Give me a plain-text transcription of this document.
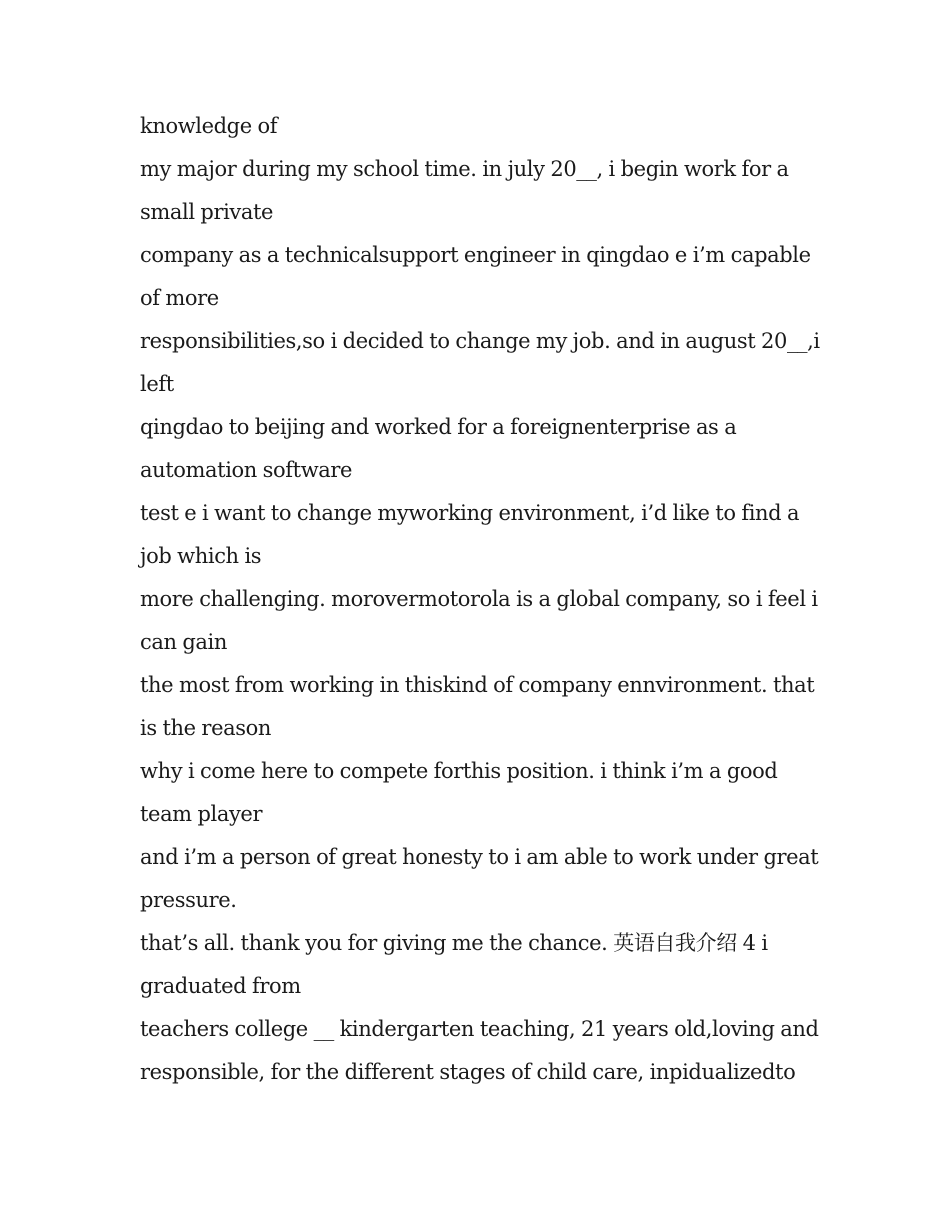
knowledge of

my major during my school time. in july 20__, i begin work for a small private

company as a technicalsupport engineer in qingdao e i’m capable of more

responsibilities,so i decided to change my job. and in august 20__,i left

qingdao to beijing and worked for a foreignenterprise as a automation software

test e i want to change myworking environment, i’d like to find a job which is

more challenging. morovermotorola is a global company, so i feel i can gain

the most from working in thiskind of company ennvironment. that is the reason

why i come here to compete forthis position. i think i’m a good team player

and i’m a person of great honesty to i am able to work under great pressure.

that’s all. thank you for giving me the chance. 英语自我介绍 4 i graduated from

teachers college __ kindergarten teaching, 21 years old,loving and

responsible, for the different stages of child care, inpidualizedto
